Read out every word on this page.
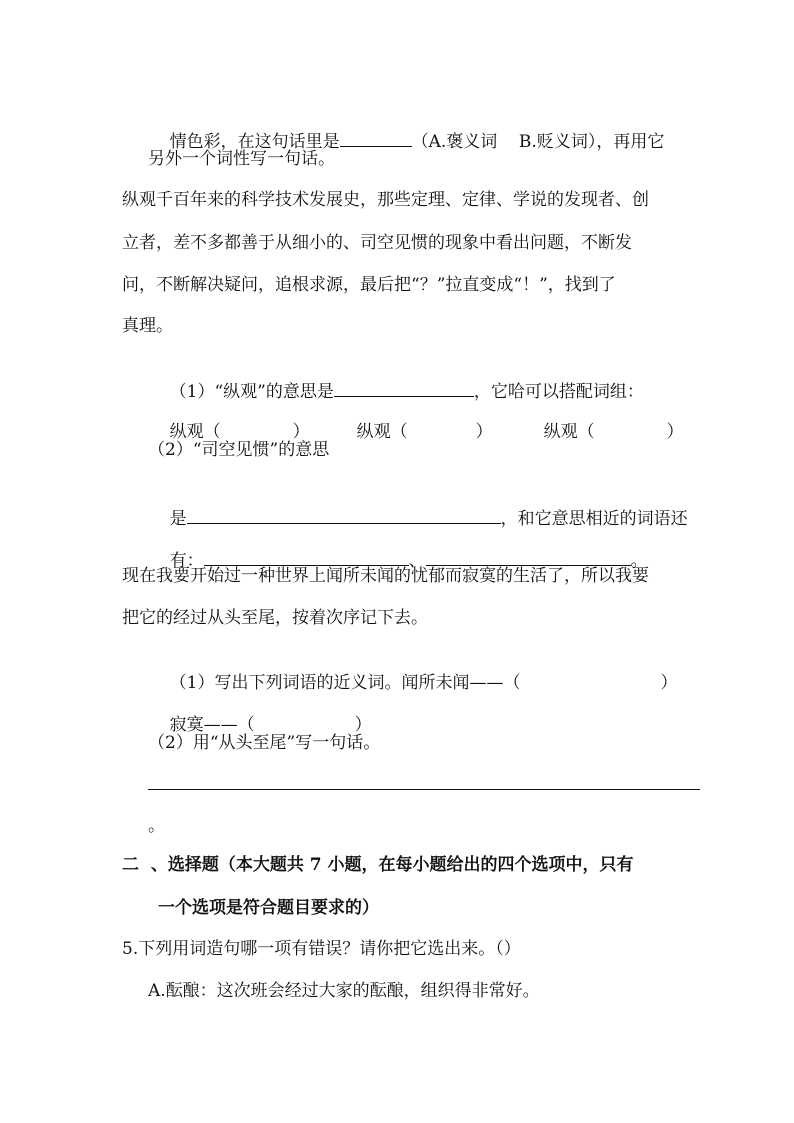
情色彩，在这句话里是	（A.褒义词    B.贬义词），再用它

另外一个词性写一句话。
纵观千百年来的科学技术发展史，那些定理、定律、学说的发现者、创
立者，差不多都善于从细小的、司空见惯的现象中看出问题，不断发
问，不断解决疑问，追根求源，最后把“？”拉直变成“！”，找到了
真理。

（1）“纵观”的意思是	，它哈可以搭配词组：

纵观（	）
	纵观（	）
	纵观（	）

（2）“司空见惯”的意思

是	，和它意思相近的词语还

有：	、	。

现在我要开始过一种世界上闻所未闻的忧郁而寂寞的生活了，所以我要
把它的经过从头至尾，按着次序记下去。

（1）写出下列词语的近义词。闻所未闻——（	）

寂寞——（	）

（2）用“从头至尾”写一句话。
。
二  、选择题（本大题共 7 小题，在每小题给出的四个选项中，只有
一个选项是符合题目要求的）
5.下列用词造句哪一项有错误？请你把它选出来。（）
A.酝酿：这次班会经过大家的酝酿，组织得非常好。
